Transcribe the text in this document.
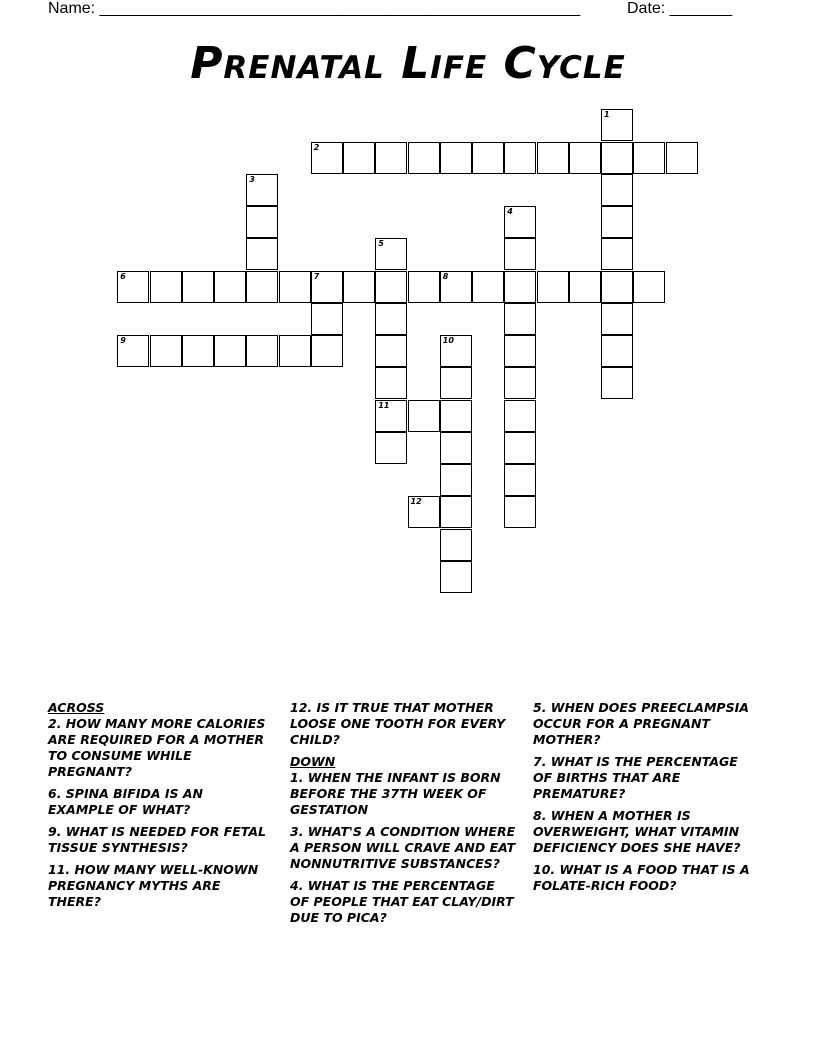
Name: ______________________________________________________	Date: _______
Prenatal Life Cycle
1
2
3
4
5
6	7	8
9	10
11
12
ACROSS
2. HOW MANY MORE CALORIES ARE REQUIRED FOR A MOTHER TO CONSUME WHILE PREGNANT?
6. SPINA BIFIDA IS AN EXAMPLE OF WHAT?
9. WHAT IS NEEDED FOR FETAL TISSUE SYNTHESIS?
11. HOW MANY WELL-KNOWN PREGNANCY MYTHS ARE THERE?
12. IS IT TRUE THAT MOTHER LOOSE ONE TOOTH FOR EVERY CHILD?
DOWN
1. WHEN THE INFANT IS BORN BEFORE THE 37TH WEEK OF GESTATION
3. WHAT'S A CONDITION WHERE A PERSON WILL CRAVE AND EAT NONNUTRITIVE SUBSTANCES?
4. WHAT IS THE PERCENTAGE OF PEOPLE THAT EAT CLAY/DIRT DUE TO PICA?
5. WHEN DOES PREECLAMPSIA OCCUR FOR A PREGNANT MOTHER?
7. WHAT IS THE PERCENTAGE OF BIRTHS THAT ARE PREMATURE?
8. WHEN A MOTHER IS OVERWEIGHT, WHAT VITAMIN DEFICIENCY DOES SHE HAVE?
10. WHAT IS A FOOD THAT IS A FOLATE-RICH FOOD?
